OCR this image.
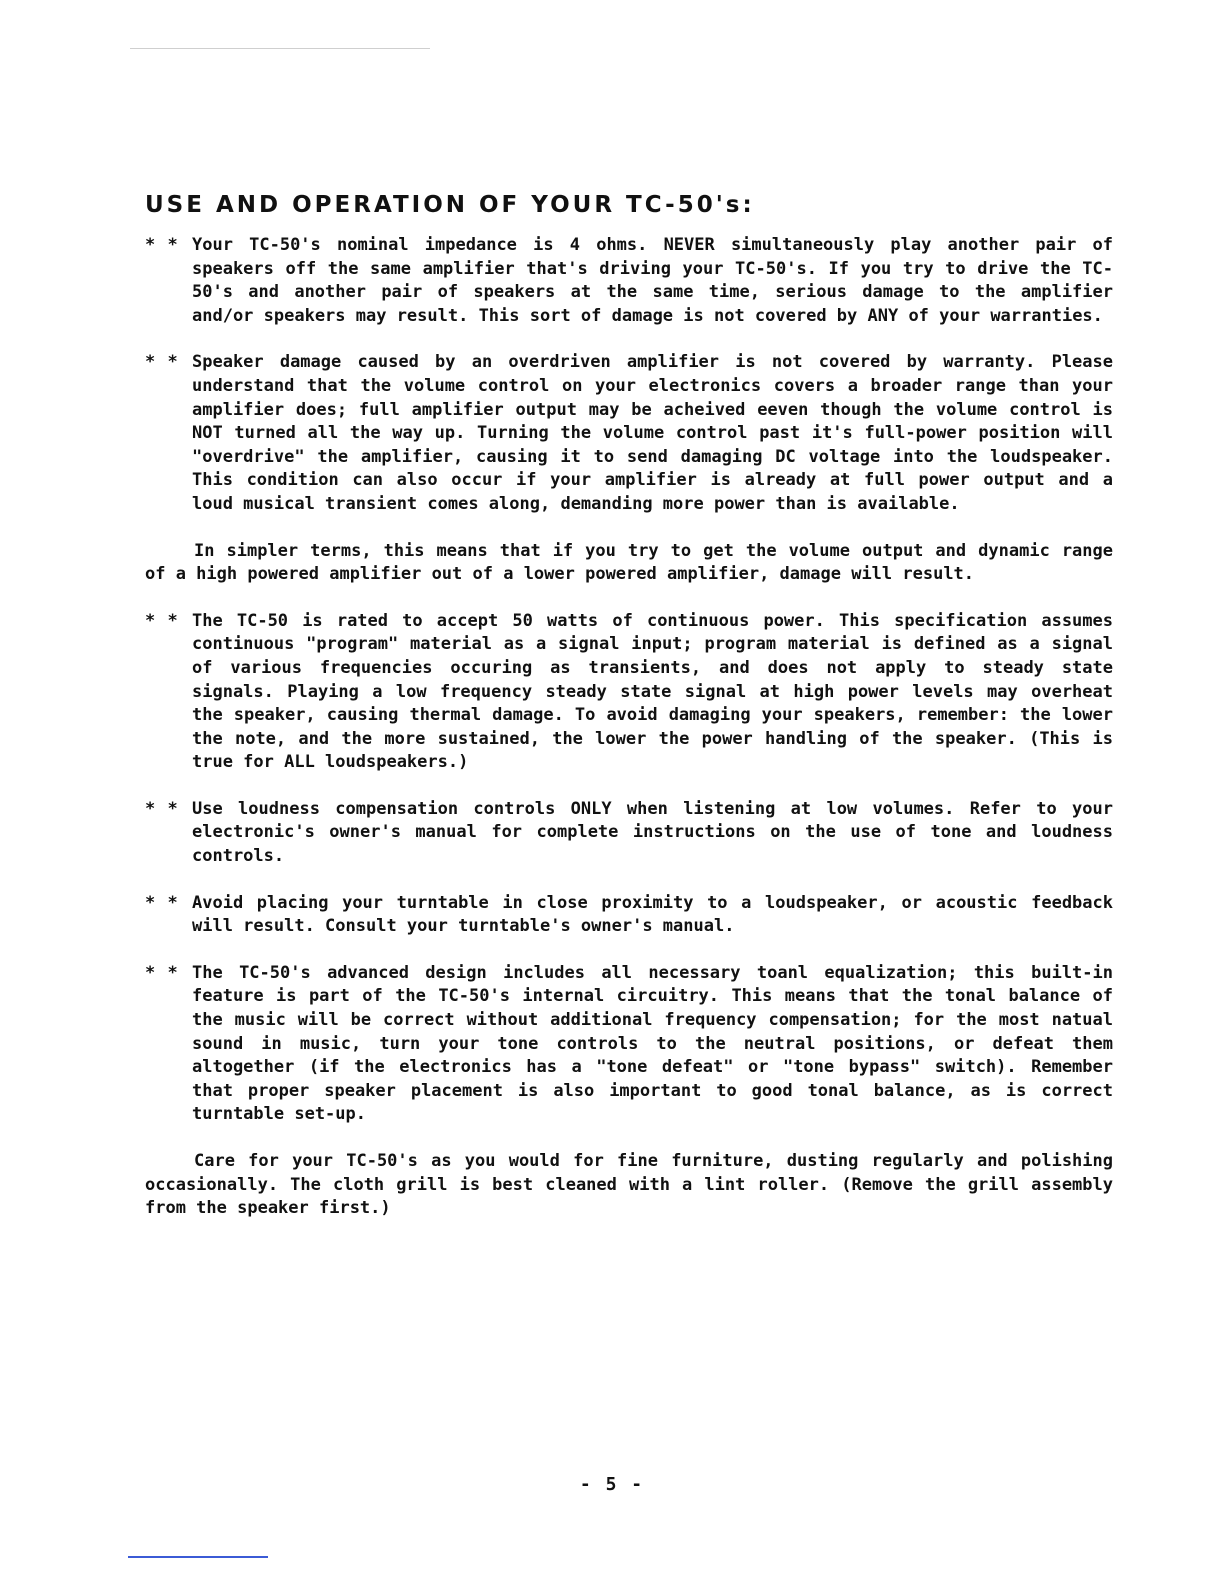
USE AND OPERATION OF YOUR TC-50's:
* * Your TC-50's nominal impedance is 4 ohms. NEVER simultaneously play another pair of speakers off the same amplifier that's driving your TC-50's. If you try to drive the TC-50's and another pair of speakers at the same time, serious damage to the amplifier and/or speakers may result. This sort of damage is not covered by ANY of your warranties.
* * Speaker damage caused by an overdriven amplifier is not covered by warranty. Please understand that the volume control on your electronics covers a broader range than your amplifier does; full amplifier output may be acheived eeven though the volume control is NOT turned all the way up. Turning the volume control past it's full-power position will "overdrive" the amplifier, causing it to send damaging DC voltage into the loudspeaker. This condition can also occur if your amplifier is already at full power output and a loud musical transient comes along, demanding more power than is available.
In simpler terms, this means that if you try to get the volume output and dynamic range of a high powered amplifier out of a lower powered amplifier, damage will result.
* * The TC-50 is rated to accept 50 watts of continuous power. This specification assumes continuous "program" material as a signal input; program material is defined as a signal of various frequencies occuring as transients, and does not apply to steady state signals. Playing a low frequency steady state signal at high power levels may overheat the speaker, causing thermal damage. To avoid damaging your speakers, remember: the lower the note, and the more sustained, the lower the power handling of the speaker. (This is true for ALL loudspeakers.)
* * Use loudness compensation controls ONLY when listening at low volumes. Refer to your electronic's owner's manual for complete instructions on the use of tone and loudness controls.
* * Avoid placing your turntable in close proximity to a loudspeaker, or acoustic feedback will result. Consult your turntable's owner's manual.
* * The TC-50's advanced design includes all necessary toanl equalization; this built-in feature is part of the TC-50's internal circuitry. This means that the tonal balance of the music will be correct without additional frequency compensation; for the most natual sound in music, turn your tone controls to the neutral positions, or defeat them altogether (if the electronics has a "tone defeat" or "tone bypass" switch). Remember that proper speaker placement is also important to good tonal balance, as is correct turntable set-up.
Care for your TC-50's as you would for fine furniture, dusting regularly and polishing occasionally. The cloth grill is best cleaned with a lint roller. (Remove the grill assembly from the speaker first.)
- 5 -
